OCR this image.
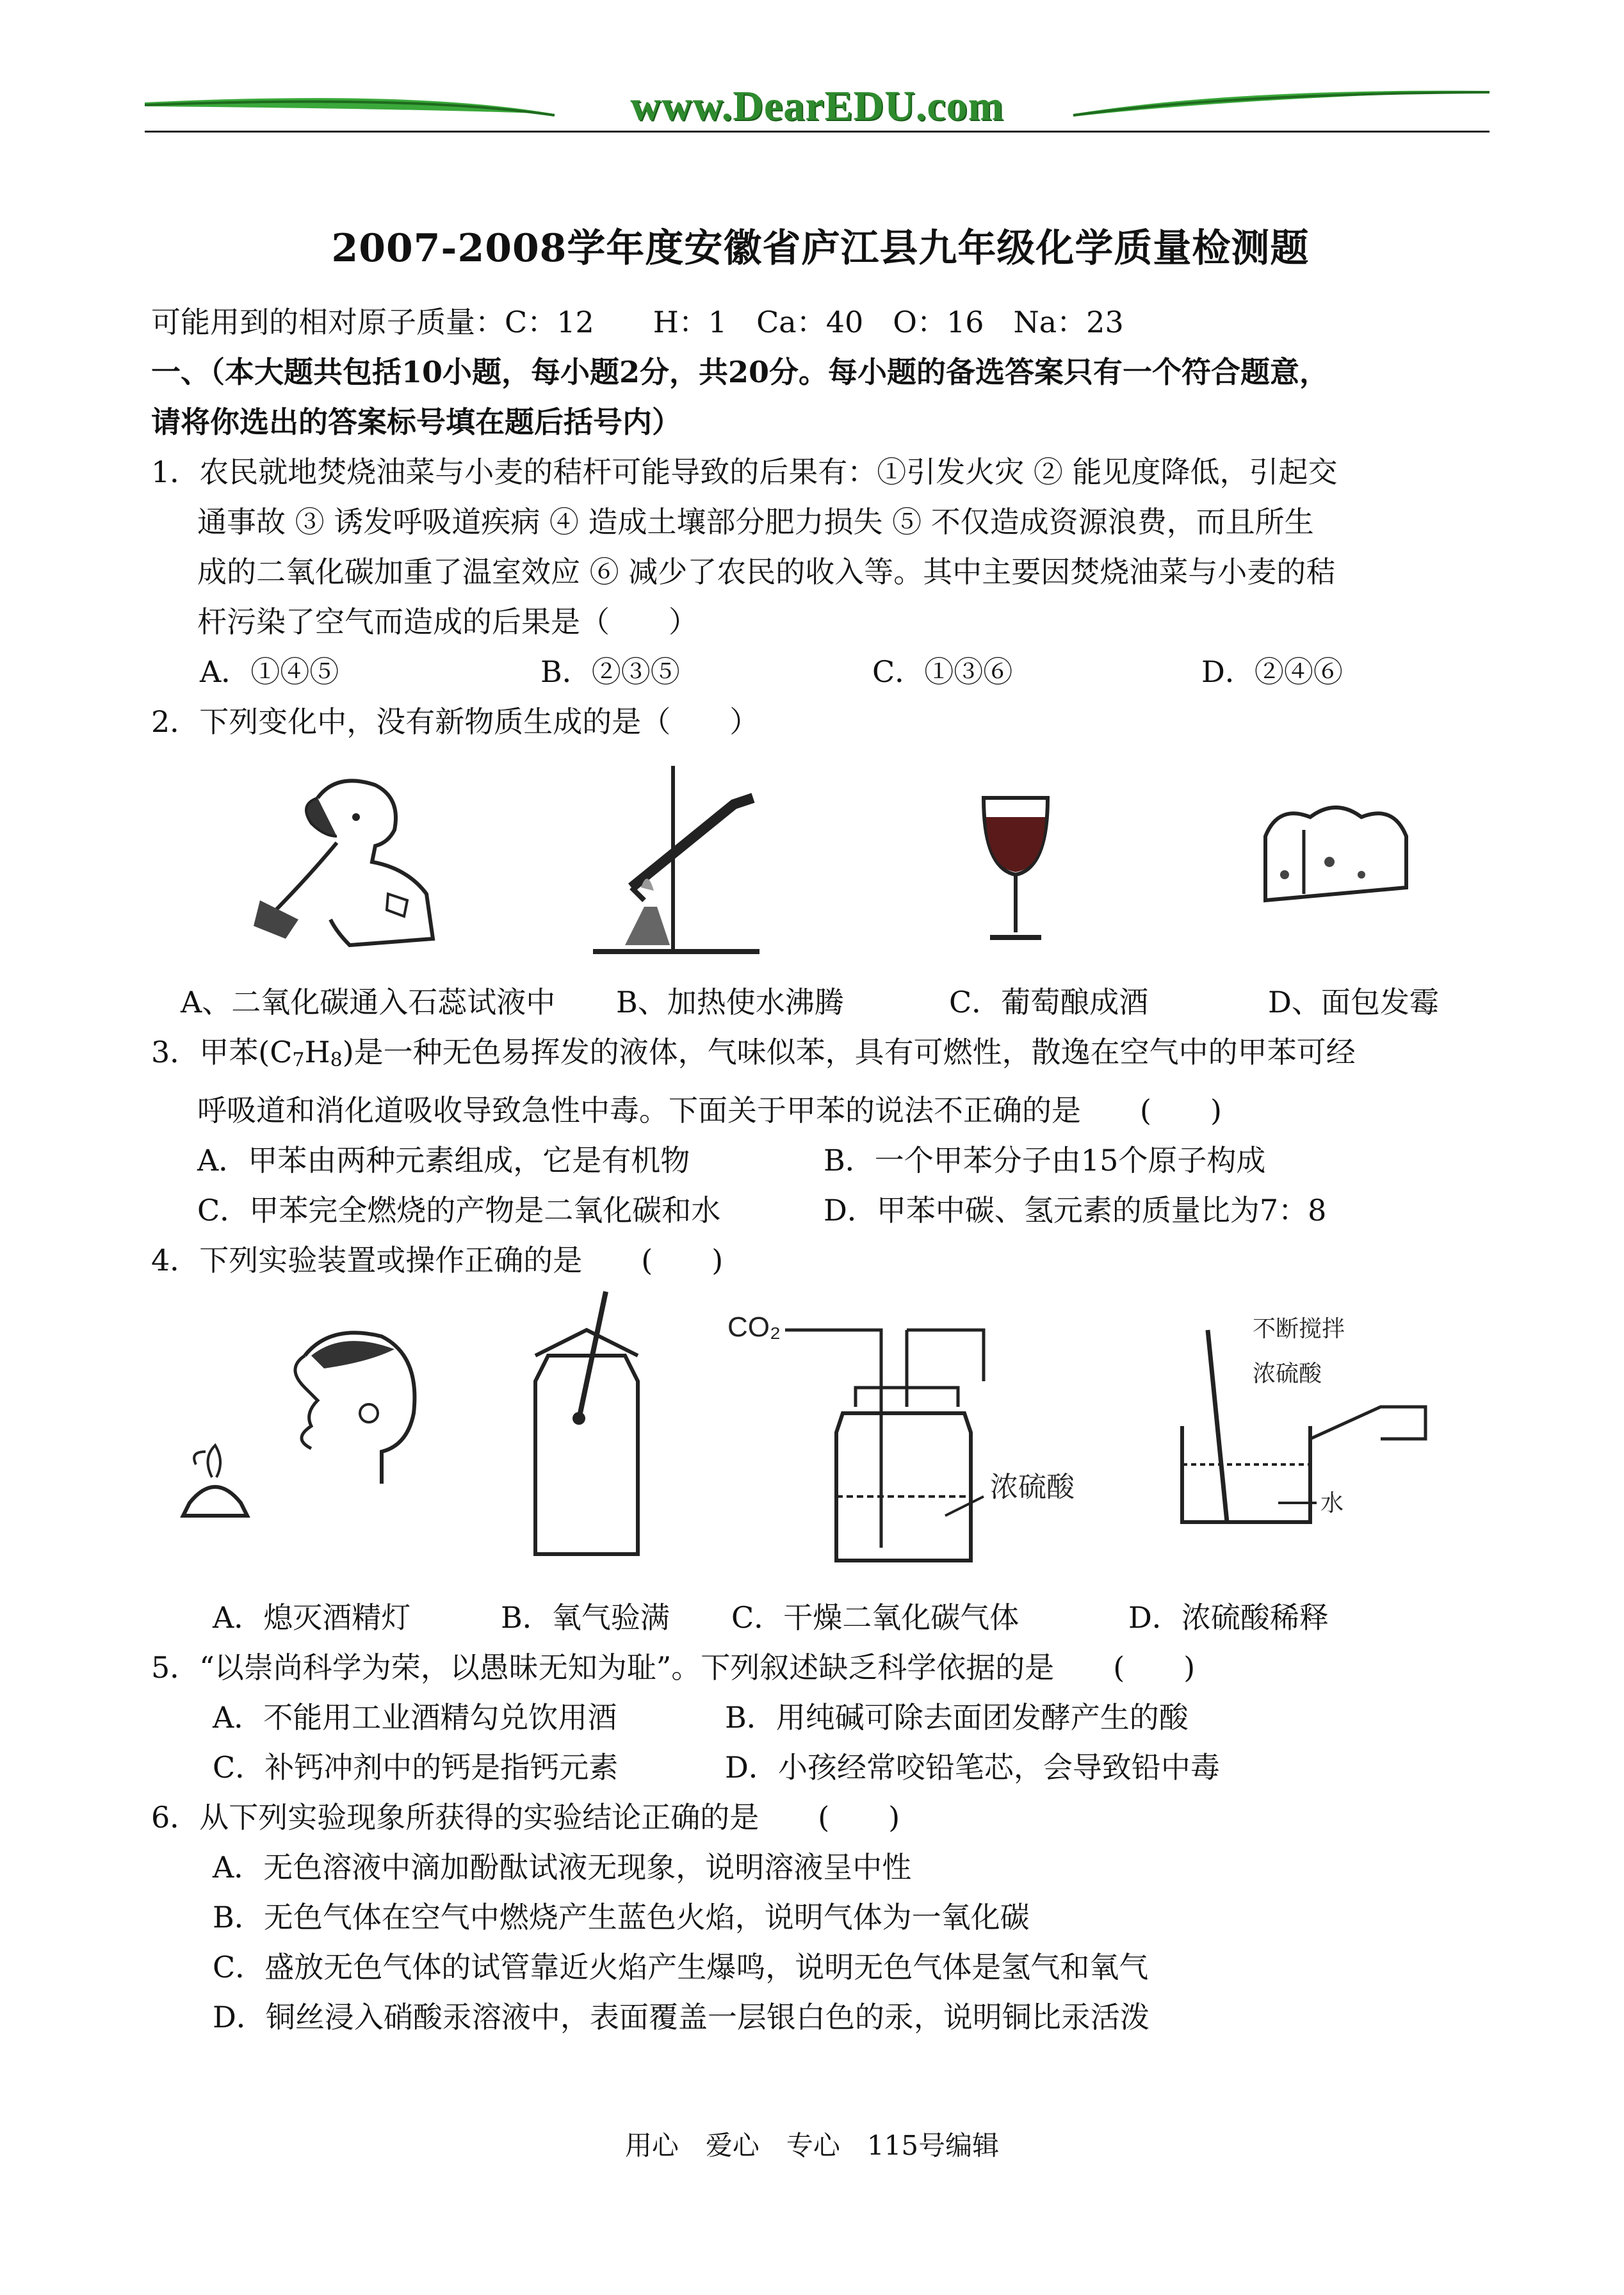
www.DearEDU.com
2007-2008学年度安徽省庐江县九年级化学质量检测题
可能用到的相对原子质量：C：12　　H：1　Ca：40　O：16　Na：23
一、（本大题共包括10小题，每小题2分，共20分。每小题的备选答案只有一个符合题意，
请将你选出的答案标号填在题后括号内）
1．农民就地焚烧油菜与小麦的秸杆可能导致的后果有：①引发火灾 ② 能见度降低，引起交
通事故 ③ 诱发呼吸道疾病 ④ 造成土壤部分肥力损失 ⑤ 不仅造成资源浪费，而且所生
成的二氧化碳加重了温室效应 ⑥ 减少了农民的收入等。其中主要因焚烧油菜与小麦的秸
杆污染了空气而造成的后果是（　　）
A．①④⑤	B．②③⑤	C．①③⑥	D．②④⑥
2．下列变化中，没有新物质生成的是（　　）
A、二氧化碳通入石蕊试液中 B、加热使水沸腾	C．葡萄酿成酒	D、面包发霉
3．甲苯$(C_7H_8)$是一种无色易挥发的液体，气味似苯，具有可燃性，散逸在空气中的甲苯可经
呼吸道和消化道吸收导致急性中毒。下面关于甲苯的说法不正确的是　　(　　)
A．甲苯由两种元素组成，它是有机物	B．一个甲苯分子由15个原子构成
C．甲苯完全燃烧的产物是二氧化碳和水	D．甲苯中碳、氢元素的质量比为7：8
4．下列实验装置或操作正确的是　　(　　)
CO₂
浓硫酸
不断搅拌
浓硫酸
水
A．熄灭酒精灯	B．氧气验满 C．干燥二氧化碳气体	D．浓硫酸稀释
5．“以崇尚科学为荣，以愚昧无知为耻”。下列叙述缺乏科学依据的是　　(　　)
A．不能用工业酒精勾兑饮用酒	B．用纯碱可除去面团发酵产生的酸
C．补钙冲剂中的钙是指钙元素	D．小孩经常咬铅笔芯，会导致铅中毒
6．从下列实验现象所获得的实验结论正确的是　　(　　)
A．无色溶液中滴加酚酞试液无现象，说明溶液呈中性
B．无色气体在空气中燃烧产生蓝色火焰，说明气体为一氧化碳
C．盛放无色气体的试管靠近火焰产生爆鸣，说明无色气体是氢气和氧气
D．铜丝浸入硝酸汞溶液中，表面覆盖一层银白色的汞，说明铜比汞活泼
用心　爱心　专心　115号编辑
